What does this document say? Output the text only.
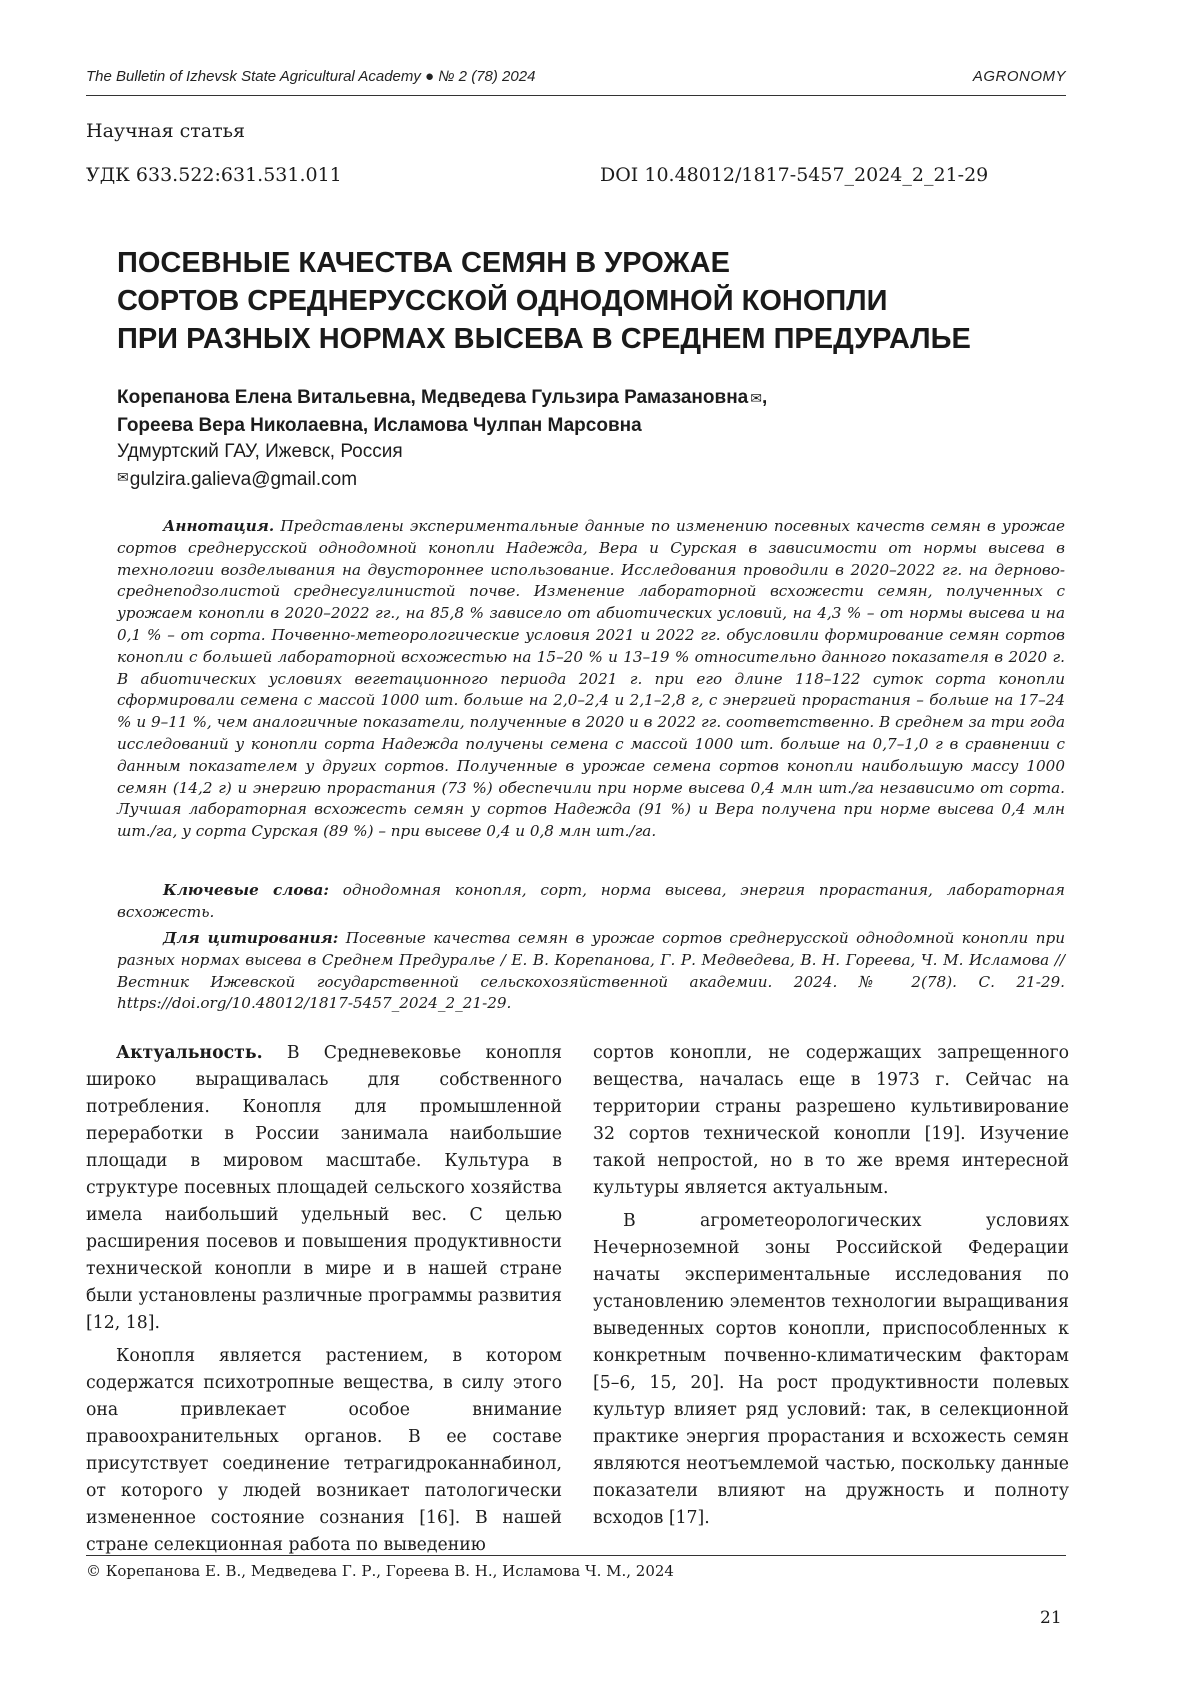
The Bulletin of Izhevsk State Agricultural Academy ● № 2 (78) 2024	AGRONOMY
Научная статья
УДК 633.522:631.531.011	DOI 10.48012/1817-5457_2024_2_21-29
ПОСЕВНЫЕ КАЧЕСТВА СЕМЯН В УРОЖАЕ
СОРТОВ СРЕДНЕРУССКОЙ ОДНОДОМНОЙ КОНОПЛИ
ПРИ РАЗНЫХ НОРМАХ ВЫСЕВА В СРЕДНЕМ ПРЕДУРАЛЬЕ
Корепанова Елена Витальевна, Медведева Гульзира Рамазановна ✉,
Гореева Вера Николаевна, Исламова Чулпан Марсовна
Удмуртский ГАУ, Ижевск, Россия
✉gulzira.galieva@gmail.com
Аннотация. Представлены экспериментальные данные по изменению посевных качеств семян в урожае сортов среднерусской однодомной конопли Надежда, Вера и Сурская в зависимости от нормы высева в технологии возделывания на двустороннее использование. Исследования проводили в 2020–2022 гг. на дерново-среднеподзолистой среднесуглинистой почве. Изменение лабораторной всхожести семян, полученных с урожаем конопли в 2020–2022 гг., на 85,8 % зависело от абиотических условий, на 4,3 % – от нормы высева и на 0,1 % – от сорта. Почвенно-метеорологические условия 2021 и 2022 гг. обусловили формирование семян сортов конопли с большей лабораторной всхожестью на 15–20 % и 13–19 % относительно данного показателя в 2020 г. В абиотических условиях вегетационного периода 2021 г. при его длине 118–122 суток сорта конопли сформировали семена с массой 1000 шт. больше на 2,0–2,4 и 2,1–2,8 г, с энергией прорастания – больше на 17–24 % и 9–11 %, чем аналогичные показатели, полученные в 2020 и в 2022 гг. соответственно. В среднем за три года исследований у конопли сорта Надежда получены семена с массой 1000 шт. больше на 0,7–1,0 г в сравнении с данным показателем у других сортов. Полученные в урожае семена сортов конопли наибольшую массу 1000 семян (14,2 г) и энергию прорастания (73 %) обеспечили при норме высева 0,4 млн шт./га независимо от сорта. Лучшая лабораторная всхожесть семян у сортов Надежда (91 %) и Вера получена при норме высева 0,4 млн шт./га, у сорта Сурская (89 %) – при высеве 0,4 и 0,8 млн шт./га.
Ключевые слова: однодомная конопля, сорт, норма высева, энергия прорастания, лабораторная всхожесть.
Для цитирования: Посевные качества семян в урожае сортов среднерусской однодомной конопли при разных нормах высева в Среднем Предуралье / Е. В. Корепанова, Г. Р. Медведева, В. Н. Гореева, Ч. М. Исламова // Вестник Ижевской государственной сельскохозяйственной академии. 2024. № 2(78). С. 21-29. https://doi.org/10.48012/1817-5457_2024_2_21-29.

Актуальность. В Средневековье конопля широко выращивалась для собственного потребления. Конопля для промышленной переработки в России занимала наибольшие площади в мировом масштабе. Культура в структуре посевных площадей сельского хозяйства имела наибольший удельный вес. С целью расширения посевов и повышения продуктивности технической конопли в мире и в нашей стране были установлены различные программы развития [12, 18].

Конопля является растением, в котором содержатся психотропные вещества, в силу этого она привлекает особое внимание правоохранительных органов. В ее составе присутствует соединение тетрагидроканнабинол, от которого у людей возникает патологически измененное состояние сознания [16]. В нашей стране селекционная работа по выведению

сортов конопли, не содержащих запрещенного вещества, началась еще в 1973 г. Сейчас на территории страны разрешено культивирование 32 сортов технической конопли [19]. Изучение такой непростой, но в то же время интересной культуры является актуальным.

В агрометеорологических условиях Нечерноземной зоны Российской Федерации начаты экспериментальные исследования по установлению элементов технологии выращивания выведенных сортов конопли, приспособленных к конкретным почвенно-климатическим факторам [5–6, 15, 20]. На рост продуктивности полевых культур влияет ряд условий: так, в селекционной практике энергия прорастания и всхожесть семян являются неотъемлемой частью, поскольку данные показатели влияют на дружность и полноту всходов [17].

© Корепанова Е. В., Медведева Г. Р., Гореева В. Н., Исламова Ч. М., 2024
21
